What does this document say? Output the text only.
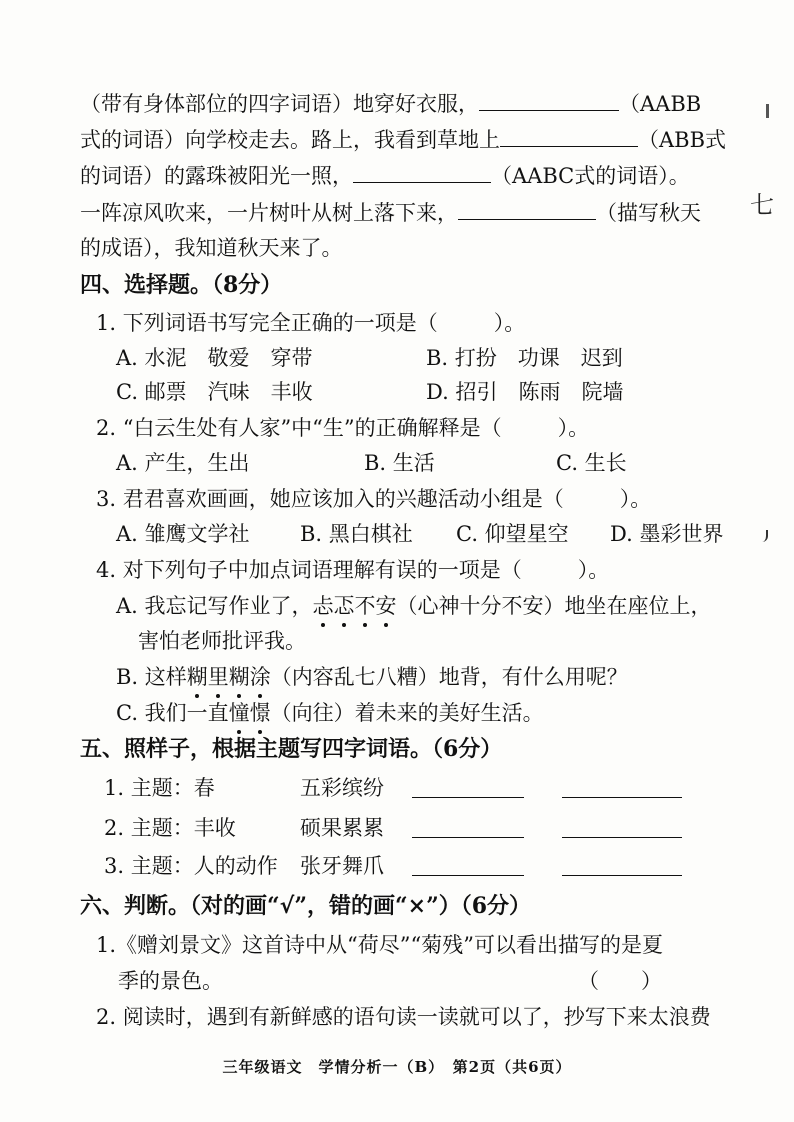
（带有身体部位的四字词语）地穿好衣服，	（AABB
式的词语）向学校走去。路上，我看到草地上	（ABB式
的词语）的露珠被阳光一照，	（AABC式的词语）。
一阵凉风吹来，一片树叶从树上落下来，	（描写秋天
的成语），我知道秋天来了。
四、选择题。（8分）
1. 下列词语书写完全正确的一项是（	）。
A. 水泥　敬爱　穿带	B. 打扮　功课　迟到
C. 邮票　汽味　丰收	D. 招引　陈雨　院墙
2. “白云生处有人家”中“生”的正确解释是（	）。
A. 产生，生出	B. 生活	C. 生长
3. 君君喜欢画画，她应该加入的兴趣活动小组是（	）。
A. 雏鹰文学社 B. 黑白棋社 C. 仰望星空 D. 墨彩世界
4. 对下列句子中加点词语理解有误的一项是（	）。
A. 我忘记写作业了，忐忑不安（心神十分不安）地坐在座位上，
害怕老师批评我。
B. 这样糊里糊涂（内容乱七八糟）地背，有什么用呢？
C. 我们一直憧憬（向往）着未来的美好生活。
五、照样子，根据主题写四字词语。（6分）
1. 主题：春	五彩缤纷
2. 主题：丰收	硕果累累
3. 主题：人的动作 张牙舞爪
六、判断。（对的画“√”，错的画“×”）（6分）
1.《赠刘景文》这首诗中从“荷尽”“菊残”可以看出描写的是夏
季的景色。	（　　）
2. 阅读时，遇到有新鲜感的语句读一读就可以了，抄写下来太浪费
三年级语文　学情分析一（B）　第2页（共6页）
七
